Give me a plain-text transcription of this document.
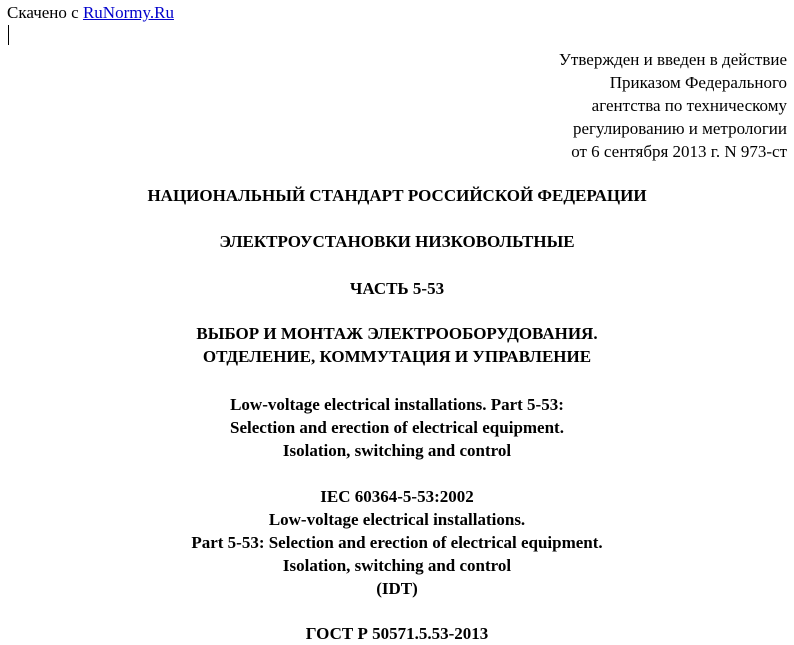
Скачено с RuNormy.Ru
Утвержден и введен в действие
Приказом Федерального
агентства по техническому
регулированию и метрологии
от 6 сентября 2013 г. N 973-ст
НАЦИОНАЛЬНЫЙ СТАНДАРТ РОССИЙСКОЙ ФЕДЕРАЦИИ
ЭЛЕКТРОУСТАНОВКИ НИЗКОВОЛЬТНЫЕ
ЧАСТЬ 5-53
ВЫБОР И МОНТАЖ ЭЛЕКТРООБОРУДОВАНИЯ.
ОТДЕЛЕНИЕ, КОММУТАЦИЯ И УПРАВЛЕНИЕ
Low-voltage electrical installations. Part 5-53:
Selection and erection of electrical equipment.
Isolation, switching and control
IEC 60364-5-53:2002
Low-voltage electrical installations.
Part 5-53: Selection and erection of electrical equipment.
Isolation, switching and control
(IDT)
ГОСТ Р 50571.5.53-2013
